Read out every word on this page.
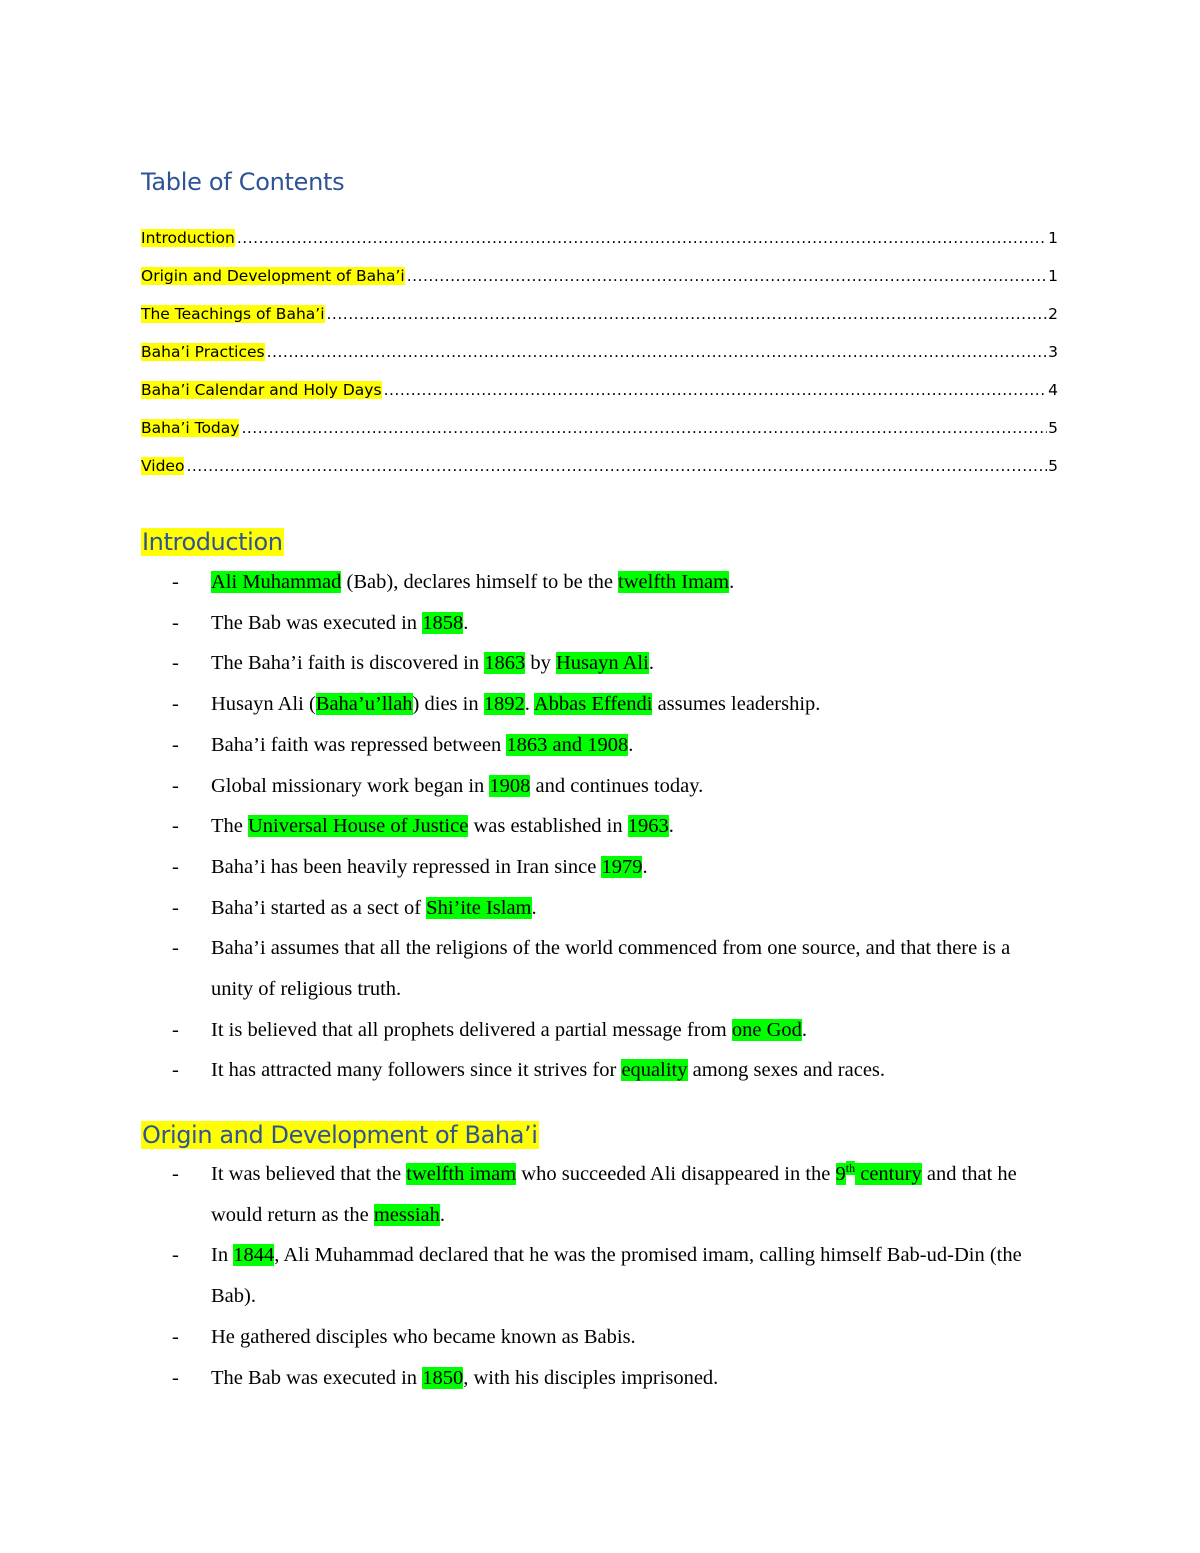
Table of Contents
Introduction .....	1
Origin and Development of Baha’i .....	1
The Teachings of Baha’i .....	2
Baha’i Practices .....	3
Baha’i Calendar and Holy Days .....	4
Baha’i Today .....	5
Video .....	5
Introduction
- Ali Muhammad (Bab), declares himself to be the twelfth Imam.
- The Bab was executed in 1858.
- The Baha’i faith is discovered in 1863 by Husayn Ali.
- Husayn Ali (Baha’u’llah) dies in 1892. Abbas Effendi assumes leadership.
- Baha’i faith was repressed between 1863 and 1908.
- Global missionary work began in 1908 and continues today.
- The Universal House of Justice was established in 1963.
- Baha’i has been heavily repressed in Iran since 1979.
- Baha’i started as a sect of Shi’ite Islam.
- Baha’i assumes that all the religions of the world commenced from one source, and that there is a unity of religious truth.
- It is believed that all prophets delivered a partial message from one God.
- It has attracted many followers since it strives for equality among sexes and races.
Origin and Development of Baha’i
- It was believed that the twelfth imam who succeeded Ali disappeared in the 9th century and that he would return as the messiah.
- In 1844, Ali Muhammad declared that he was the promised imam, calling himself Bab-ud-Din (the Bab).
- He gathered disciples who became known as Babis.
- The Bab was executed in 1850, with his disciples imprisoned.
